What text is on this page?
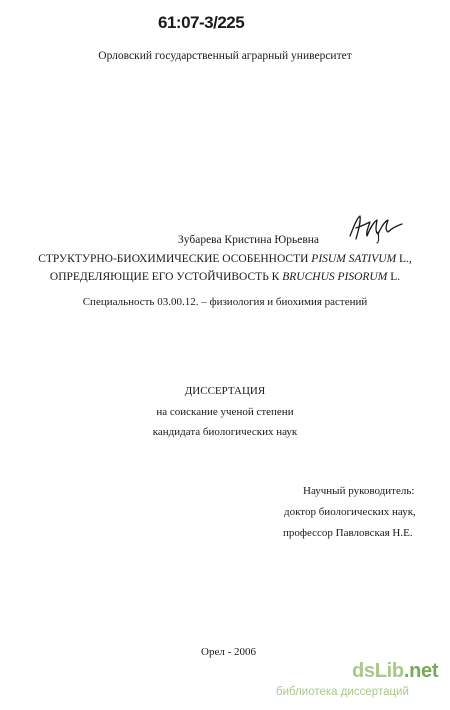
61:07-3/225
Орловский государственный аграрный университет
Зубарева Кристина Юрьевна
СТРУКТУРНО-БИОХИМИЧЕСКИЕ ОСОБЕННОСТИ PISUM SATIVUM L.,
ОПРЕДЕЛЯЮЩИЕ ЕГО УСТОЙЧИВОСТЬ К BRUCHUS PISORUM L.
Специальность 03.00.12. – физиология и биохимия растений
ДИССЕРТАЦИЯ
на соискание ученой степени
кандидата биологических наук
Научный руководитель:
доктор биологических наук,
профессор Павловская Н.Е.
Орел - 2006
dsLib.net
библиотека диссертаций
